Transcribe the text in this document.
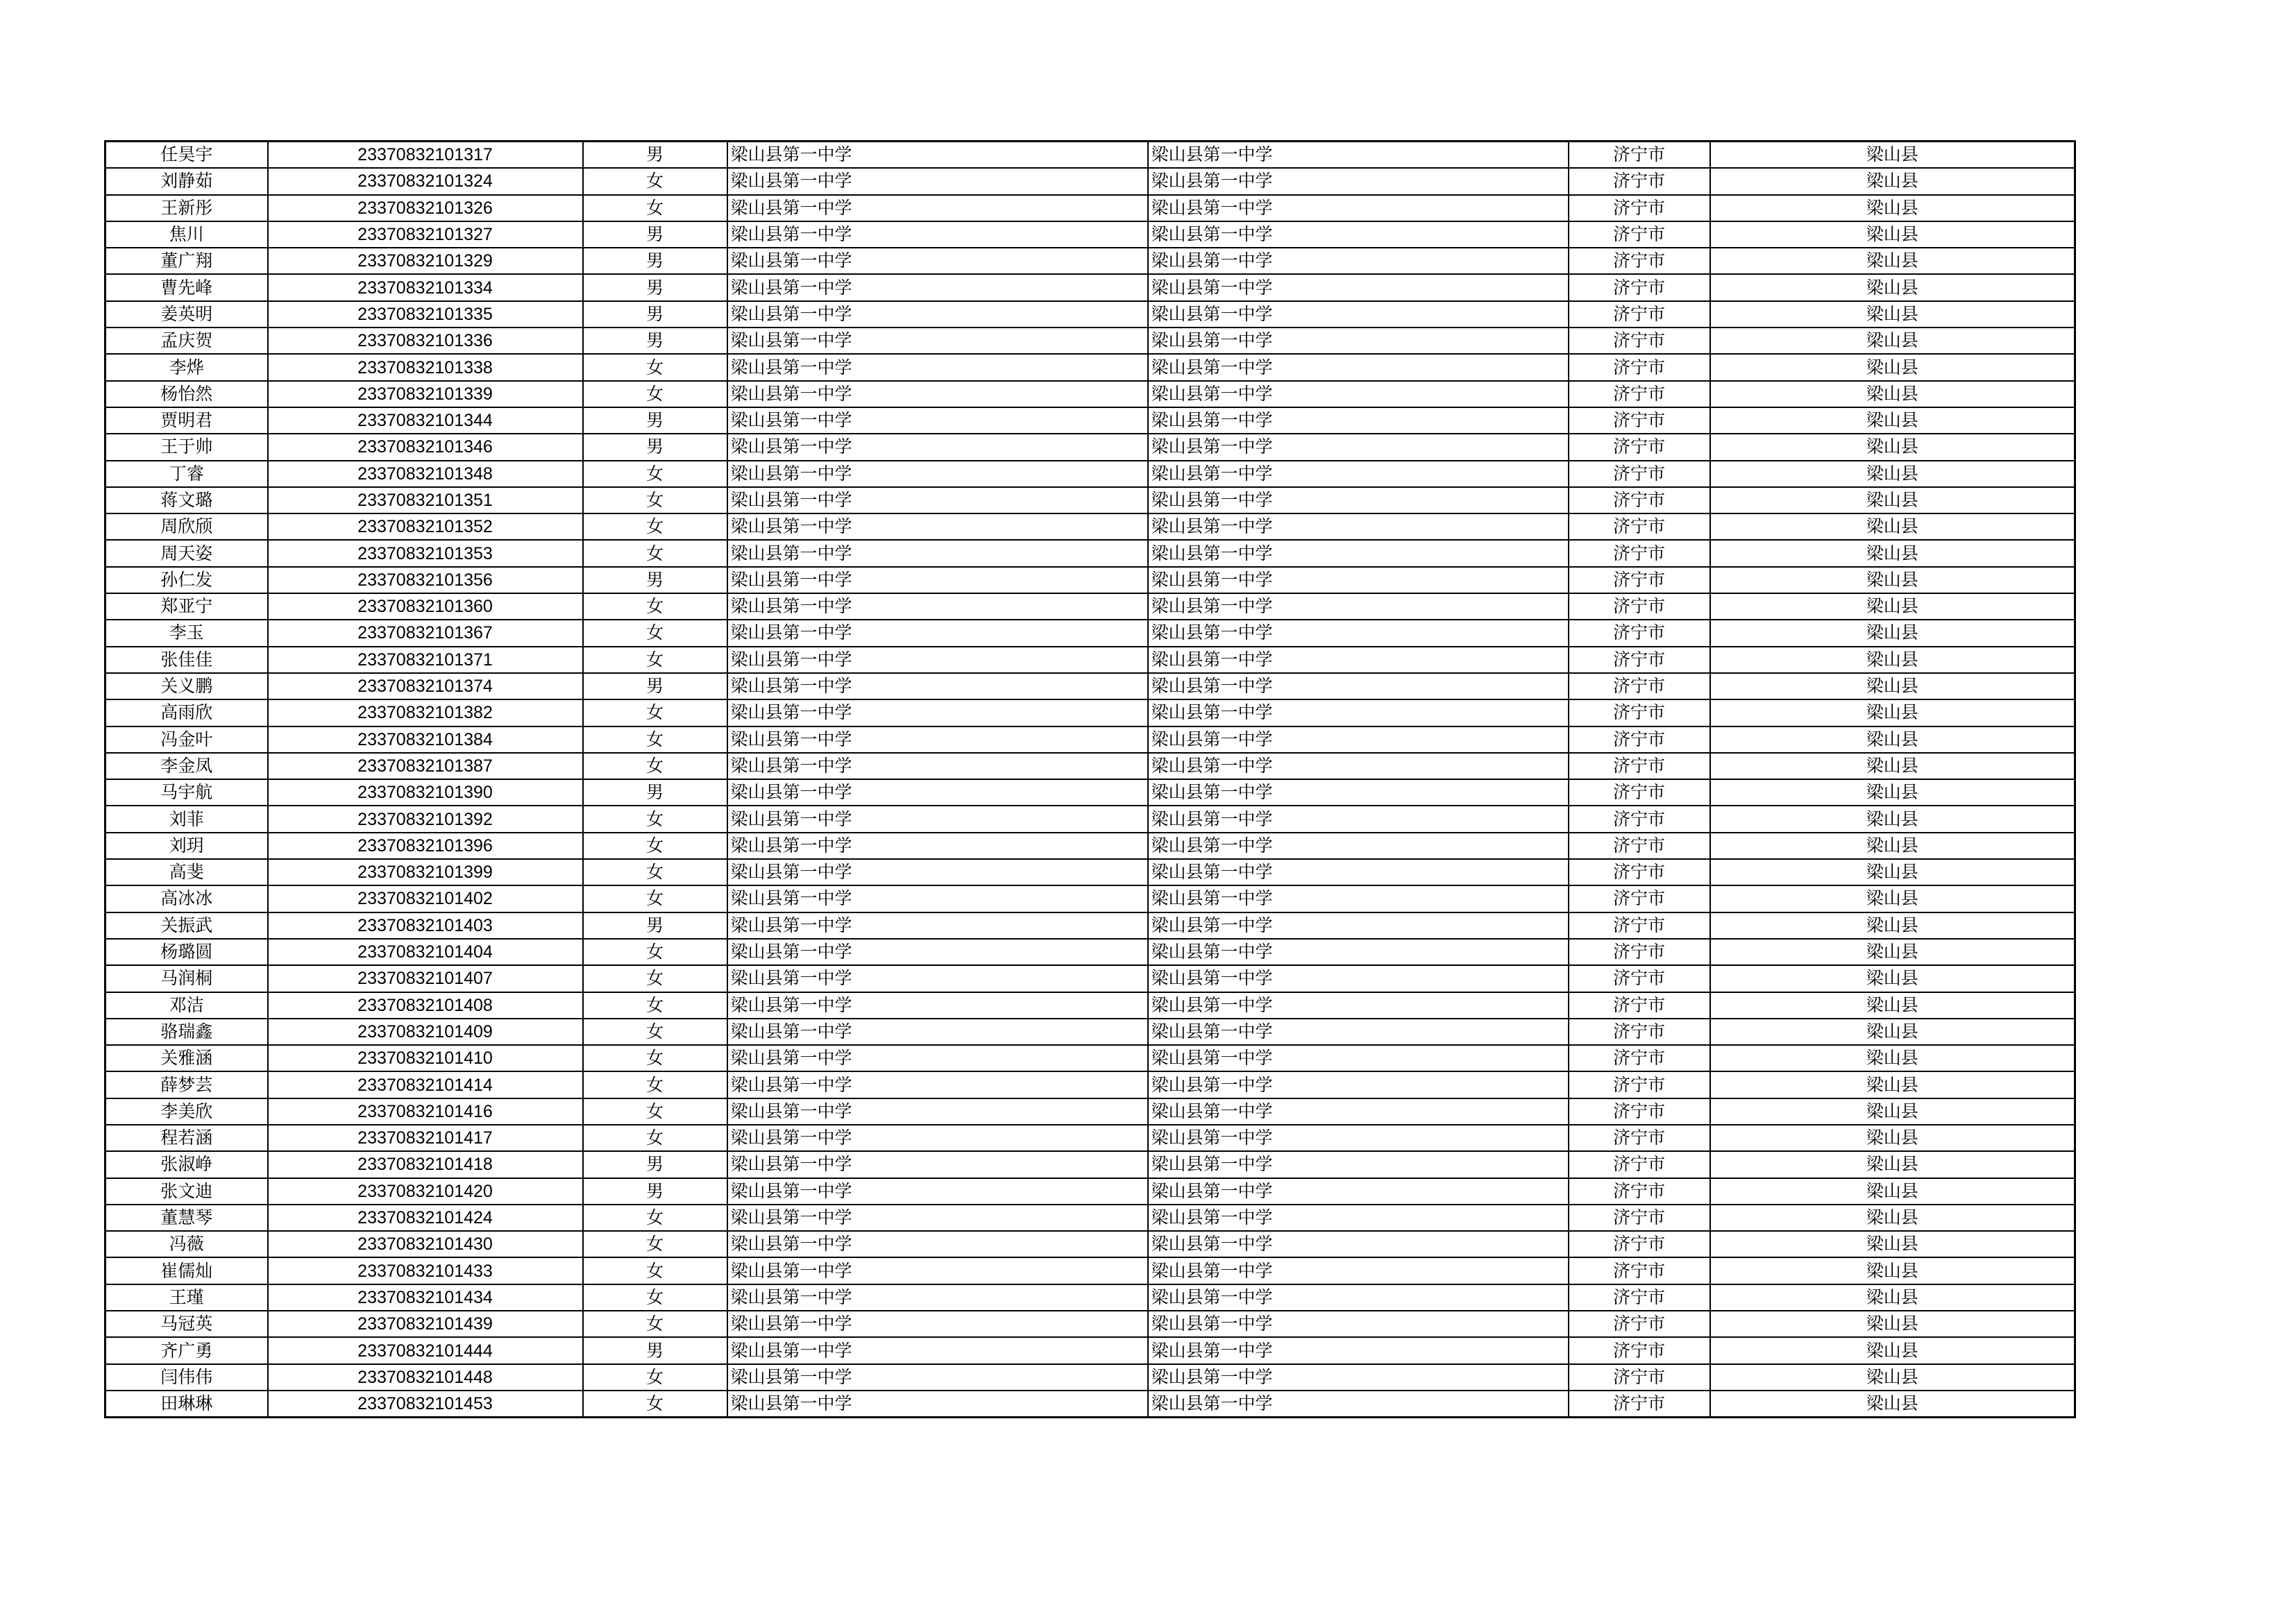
任昊宇	23370832101317	男	梁山县第一中学	梁山县第一中学	济宁市	梁山县
刘静茹	23370832101324	女	梁山县第一中学	梁山县第一中学	济宁市	梁山县
王新彤	23370832101326	女	梁山县第一中学	梁山县第一中学	济宁市	梁山县
焦川	23370832101327	男	梁山县第一中学	梁山县第一中学	济宁市	梁山县
董广翔	23370832101329	男	梁山县第一中学	梁山县第一中学	济宁市	梁山县
曹先峰	23370832101334	男	梁山县第一中学	梁山县第一中学	济宁市	梁山县
姜英明	23370832101335	男	梁山县第一中学	梁山县第一中学	济宁市	梁山县
孟庆贺	23370832101336	男	梁山县第一中学	梁山县第一中学	济宁市	梁山县
李烨	23370832101338	女	梁山县第一中学	梁山县第一中学	济宁市	梁山县
杨怡然	23370832101339	女	梁山县第一中学	梁山县第一中学	济宁市	梁山县
贾明君	23370832101344	男	梁山县第一中学	梁山县第一中学	济宁市	梁山县
王于帅	23370832101346	男	梁山县第一中学	梁山县第一中学	济宁市	梁山县
丁睿	23370832101348	女	梁山县第一中学	梁山县第一中学	济宁市	梁山县
蒋文璐	23370832101351	女	梁山县第一中学	梁山县第一中学	济宁市	梁山县
周欣颀	23370832101352	女	梁山县第一中学	梁山县第一中学	济宁市	梁山县
周天姿	23370832101353	女	梁山县第一中学	梁山县第一中学	济宁市	梁山县
孙仁发	23370832101356	男	梁山县第一中学	梁山县第一中学	济宁市	梁山县
郑亚宁	23370832101360	女	梁山县第一中学	梁山县第一中学	济宁市	梁山县
李玉	23370832101367	女	梁山县第一中学	梁山县第一中学	济宁市	梁山县
张佳佳	23370832101371	女	梁山县第一中学	梁山县第一中学	济宁市	梁山县
关义鹏	23370832101374	男	梁山县第一中学	梁山县第一中学	济宁市	梁山县
高雨欣	23370832101382	女	梁山县第一中学	梁山县第一中学	济宁市	梁山县
冯金叶	23370832101384	女	梁山县第一中学	梁山县第一中学	济宁市	梁山县
李金凤	23370832101387	女	梁山县第一中学	梁山县第一中学	济宁市	梁山县
马宇航	23370832101390	男	梁山县第一中学	梁山县第一中学	济宁市	梁山县
刘菲	23370832101392	女	梁山县第一中学	梁山县第一中学	济宁市	梁山县
刘玥	23370832101396	女	梁山县第一中学	梁山县第一中学	济宁市	梁山县
高斐	23370832101399	女	梁山县第一中学	梁山县第一中学	济宁市	梁山县
高冰冰	23370832101402	女	梁山县第一中学	梁山县第一中学	济宁市	梁山县
关振武	23370832101403	男	梁山县第一中学	梁山县第一中学	济宁市	梁山县
杨璐圆	23370832101404	女	梁山县第一中学	梁山县第一中学	济宁市	梁山县
马润桐	23370832101407	女	梁山县第一中学	梁山县第一中学	济宁市	梁山县
邓洁	23370832101408	女	梁山县第一中学	梁山县第一中学	济宁市	梁山县
骆瑞鑫	23370832101409	女	梁山县第一中学	梁山县第一中学	济宁市	梁山县
关雅涵	23370832101410	女	梁山县第一中学	梁山县第一中学	济宁市	梁山县
薛梦芸	23370832101414	女	梁山县第一中学	梁山县第一中学	济宁市	梁山县
李美欣	23370832101416	女	梁山县第一中学	梁山县第一中学	济宁市	梁山县
程若涵	23370832101417	女	梁山县第一中学	梁山县第一中学	济宁市	梁山县
张淑峥	23370832101418	男	梁山县第一中学	梁山县第一中学	济宁市	梁山县
张文迪	23370832101420	男	梁山县第一中学	梁山县第一中学	济宁市	梁山县
董慧琴	23370832101424	女	梁山县第一中学	梁山县第一中学	济宁市	梁山县
冯薇	23370832101430	女	梁山县第一中学	梁山县第一中学	济宁市	梁山县
崔儒灿	23370832101433	女	梁山县第一中学	梁山县第一中学	济宁市	梁山县
王瑾	23370832101434	女	梁山县第一中学	梁山县第一中学	济宁市	梁山县
马冠英	23370832101439	女	梁山县第一中学	梁山县第一中学	济宁市	梁山县
齐广勇	23370832101444	男	梁山县第一中学	梁山县第一中学	济宁市	梁山县
闫伟伟	23370832101448	女	梁山县第一中学	梁山县第一中学	济宁市	梁山县
田琳琳	23370832101453	女	梁山县第一中学	梁山县第一中学	济宁市	梁山县
